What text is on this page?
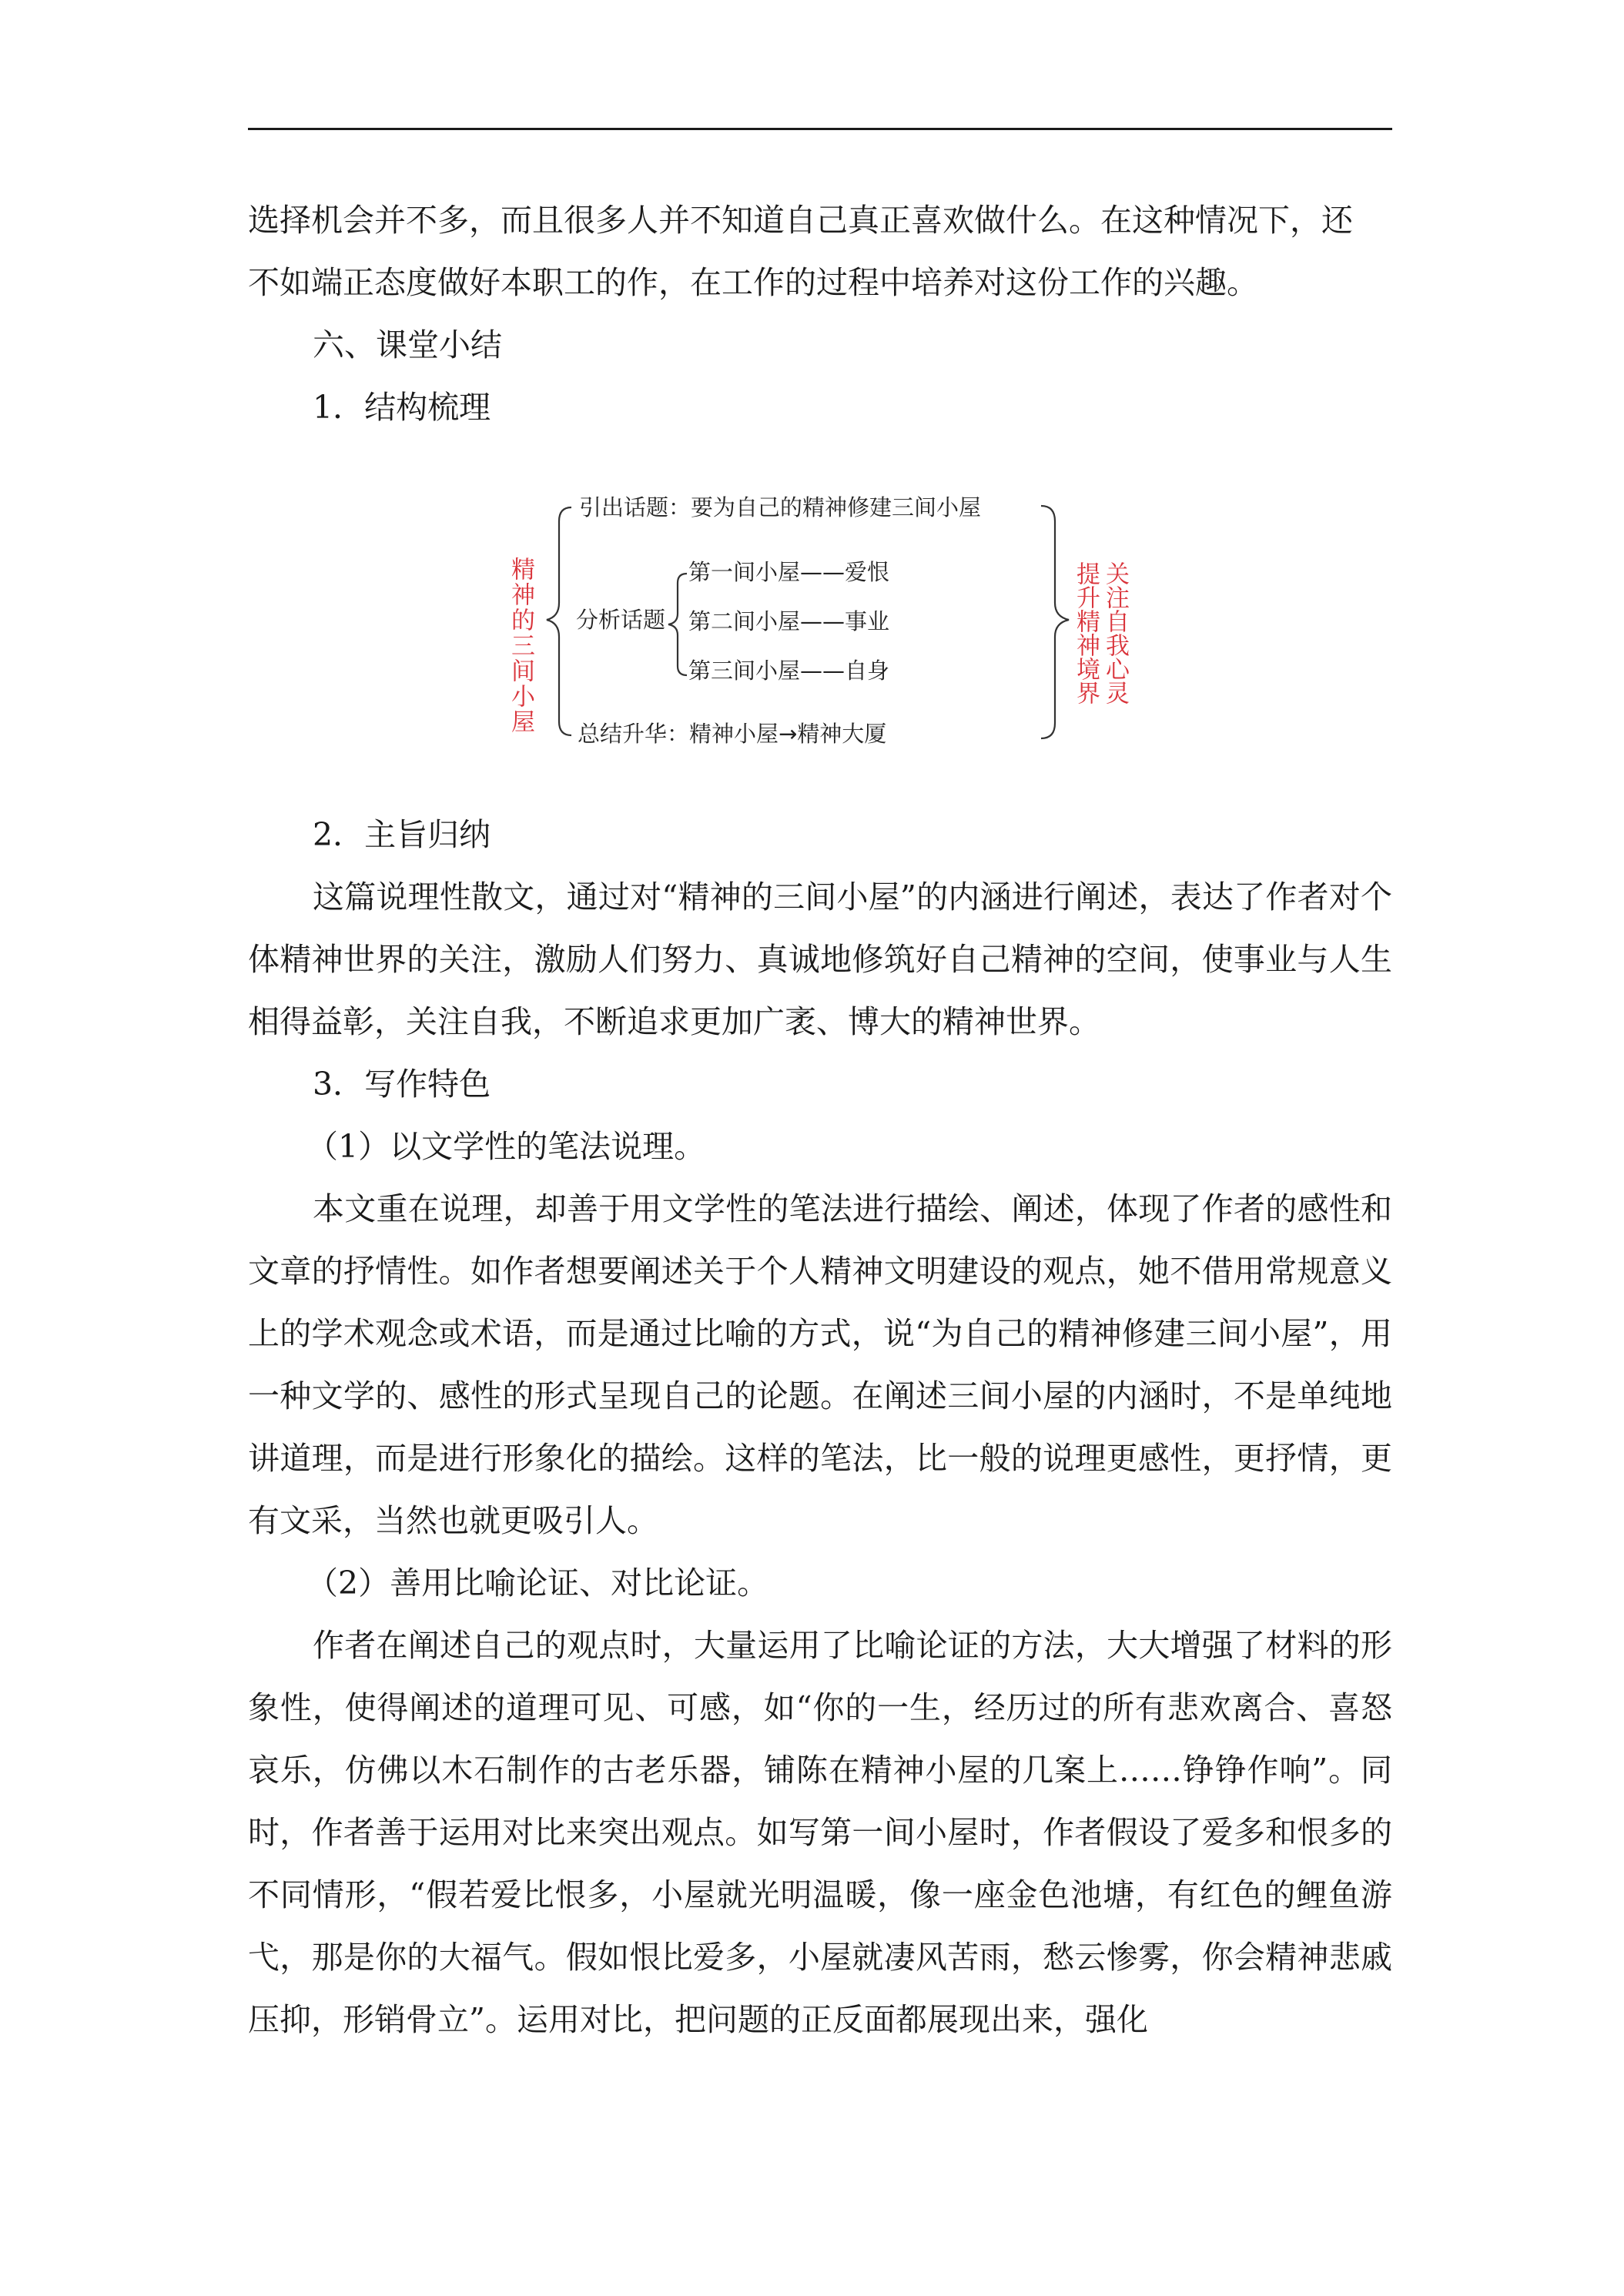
选择机会并不多，而且很多人并不知道自己真正喜欢做什么。在这种情况下，还

不如端正态度做好本职工的作，在工作的过程中培养对这份工作的兴趣。

六、课堂小结

1．结构梳理

精神的三间小屋
引出话题：要为自己的精神修建三间小屋
分析话题
第一间小屋——爱恨
第二间小屋——事业
第三间小屋——自身
总结升华：精神小屋→精神大厦
关注自我心灵
提升精神境界

2．主旨归纳

这篇说理性散文，通过对“精神的三间小屋”的内涵进行阐述，表达了作者对个体精神世界的关注，激励人们努力、真诚地修筑好自己精神的空间，使事业与人生相得益彰，关注自我，不断追求更加广袤、博大的精神世界。

3．写作特色

（1）以文学性的笔法说理。

本文重在说理，却善于用文学性的笔法进行描绘、阐述，体现了作者的感性和文章的抒情性。如作者想要阐述关于个人精神文明建设的观点，她不借用常规意义上的学术观念或术语，而是通过比喻的方式，说“为自己的精神修建三间小屋”，用一种文学的、感性的形式呈现自己的论题。在阐述三间小屋的内涵时，不是单纯地讲道理，而是进行形象化的描绘。这样的笔法，比一般的说理更感性，更抒情，更有文采，当然也就更吸引人。

（2）善用比喻论证、对比论证。

作者在阐述自己的观点时，大量运用了比喻论证的方法，大大增强了材料的形象性，使得阐述的道理可见、可感，如“你的一生，经历过的所有悲欢离合、喜怒哀乐，仿佛以木石制作的古老乐器，铺陈在精神小屋的几案上……铮铮作响”。同时，作者善于运用对比来突出观点。如写第一间小屋时，作者假设了爱多和恨多的不同情形，“假若爱比恨多，小屋就光明温暖，像一座金色池塘，有红色的鲤鱼游弋，那是你的大福气。假如恨比爱多，小屋就凄风苦雨，愁云惨雾，你会精神悲戚压抑，形销骨立”。运用对比，把问题的正反面都展现出来，强化
